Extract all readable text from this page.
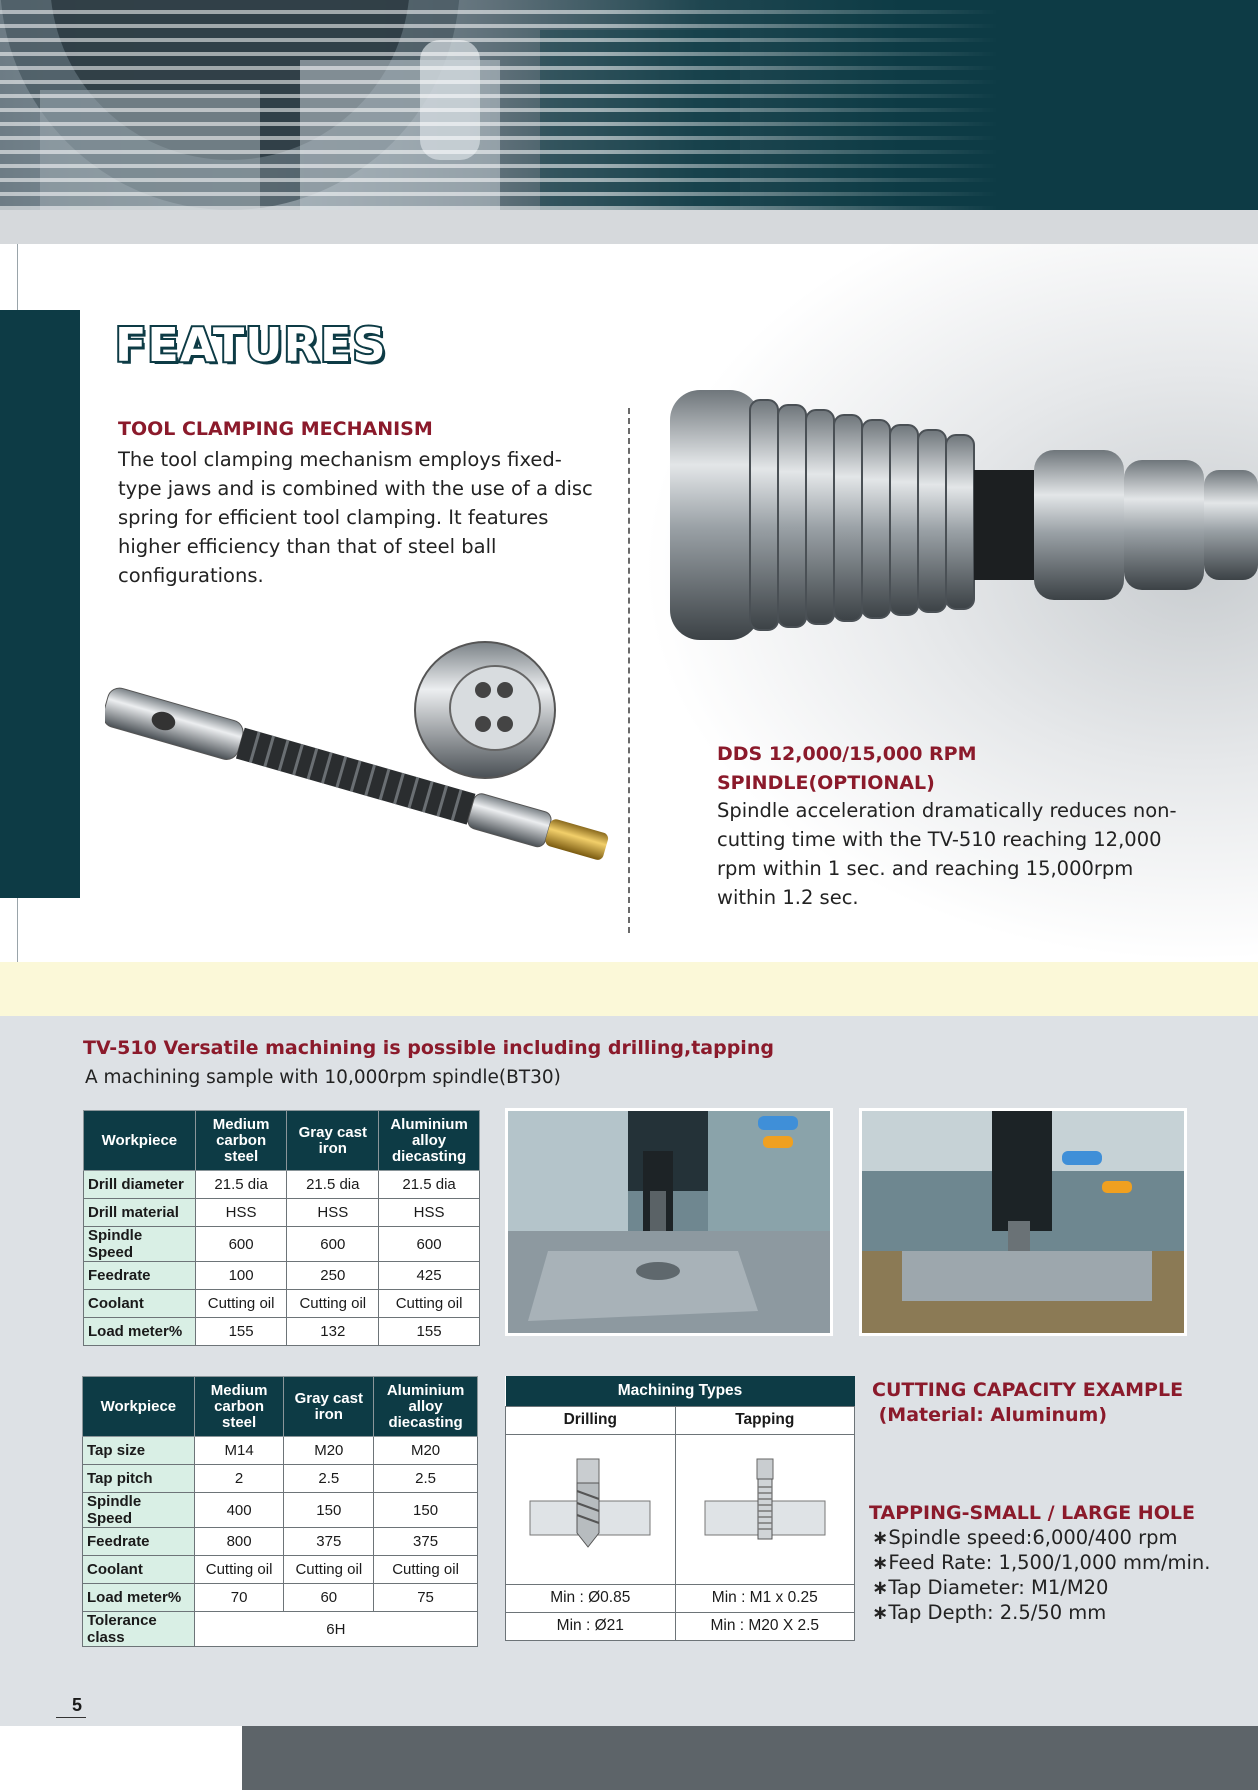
FEATURES
TOOL CLAMPING MECHANISM
The tool clamping mechanism employs fixed-type jaws and is combined with the use of a disc spring for efficient tool clamping. It features higher efficiency than that of steel ball configurations.
DDS 12,000/15,000 RPM
SPINDLE(OPTIONAL)
Spindle acceleration dramatically reduces non-cutting time with the TV-510 reaching 12,000 rpm within 1 sec. and reaching 15,000rpm within 1.2 sec.
TV-510 Versatile machining is possible including drilling,tapping
A machining sample with 10,000rpm spindle(BT30)
Workpiece	Medium carbon steel	Gray cast iron	Aluminium alloy diecasting
Drill diameter	21.5 dia	21.5 dia	21.5 dia
Drill material	HSS	HSS	HSS
Spindle Speed	600	600	600
Feedrate	100	250	425
Coolant	Cutting oil	Cutting oil	Cutting oil
Load meter%	155	132	155
Workpiece	Medium carbon steel	Gray cast iron	Aluminium alloy diecasting
Tap size	M14	M20	M20
Tap pitch	2	2.5	2.5
Spindle Speed	400	150	150
Feedrate	800	375	375
Coolant	Cutting oil	Cutting oil	Cutting oil
Load meter%	70	60	75
Tolerance class	6H		
Machining Types	
Drilling	Tapping

Min : Ø0.85	Min : M1 x 0.25
Min : Ø21	Min : M20 X 2.5
CUTTING CAPACITY EXAMPLE
(Material: Aluminum)
TAPPING-SMALL / LARGE HOLE
∗ Spindle speed:6,000/400 rpm
∗ Feed Rate: 1,500/1,000 mm/min.
∗ Tap Diameter: M1/M20
∗ Tap Depth: 2.5/50 mm
5
